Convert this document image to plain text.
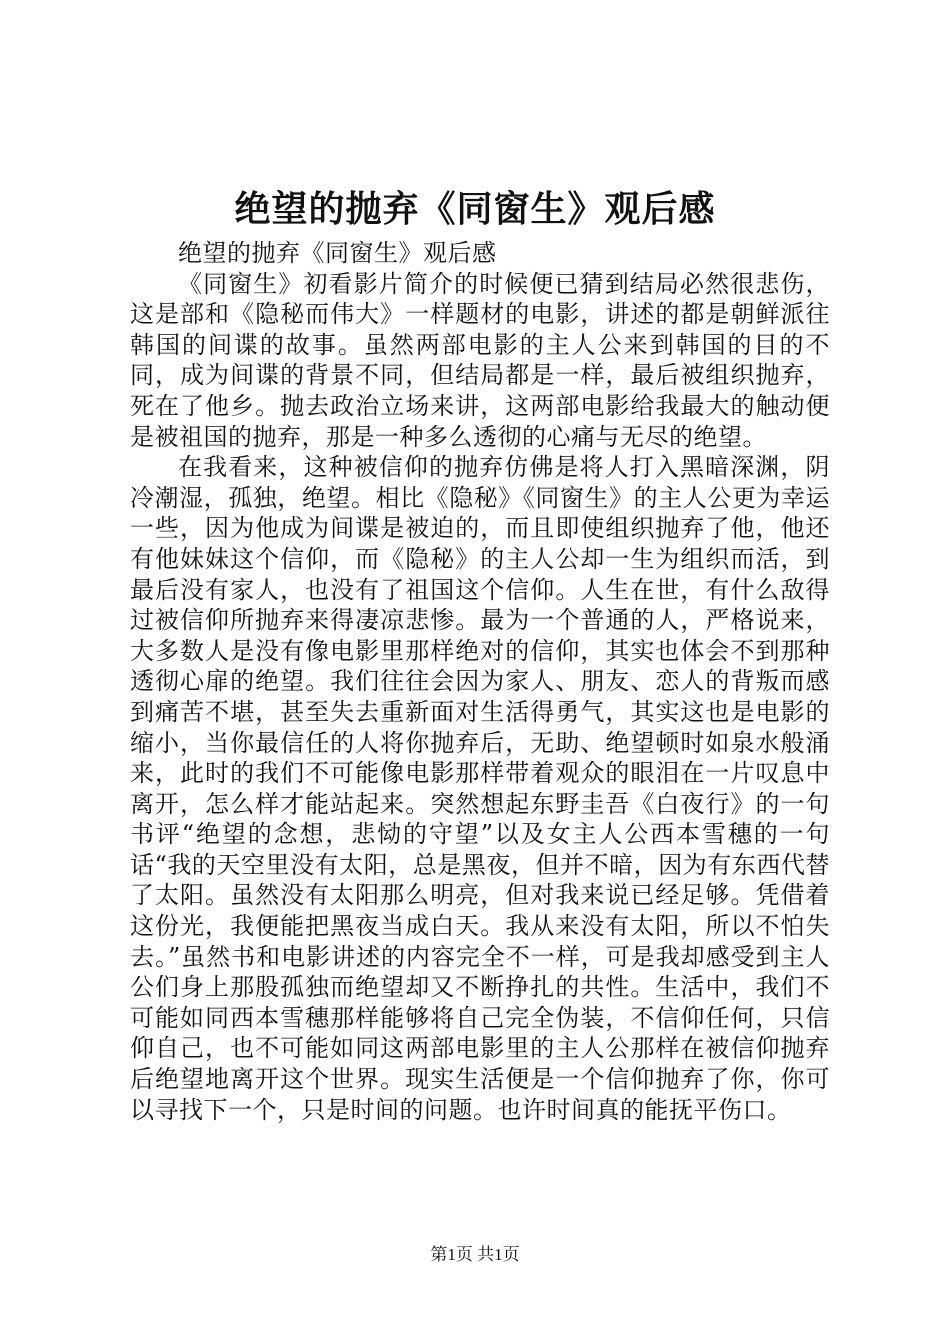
绝望的抛弃《同窗生》观后感

绝望的抛弃《同窗生》观后感

《同窗生》初看影片简介的时候便已猜到结局必然很悲伤，这是部和《隐秘而伟大》一样题材的电影，讲述的都是朝鲜派往韩国的间谍的故事。虽然两部电影的主人公来到韩国的目的不同，成为间谍的背景不同，但结局都是一样，最后被组织抛弃，死在了他乡。抛去政治立场来讲，这两部电影给我最大的触动便是被祖国的抛弃，那是一种多么透彻的心痛与无尽的绝望。

在我看来，这种被信仰的抛弃仿佛是将人打入黑暗深渊，阴冷潮湿，孤独，绝望。相比《隐秘》《同窗生》的主人公更为幸运一些，因为他成为间谍是被迫的，而且即使组织抛弃了他，他还有他妹妹这个信仰，而《隐秘》的主人公却一生为组织而活，到最后没有家人，也没有了祖国这个信仰。人生在世，有什么敌得过被信仰所抛弃来得凄凉悲惨。最为一个普通的人，严格说来，大多数人是没有像电影里那样绝对的信仰，其实也体会不到那种透彻心扉的绝望。我们往往会因为家人、朋友、恋人的背叛而感到痛苦不堪，甚至失去重新面对生活得勇气，其实这也是电影的缩小，当你最信任的人将你抛弃后，无助、绝望顿时如泉水般涌来，此时的我们不可能像电影那样带着观众的眼泪在一片叹息中离开，怎么样才能站起来。突然想起东野圭吾《白夜行》的一句书评“绝望的念想，悲恸的守望”以及女主人公西本雪穗的一句话“我的天空里没有太阳，总是黑夜，但并不暗，因为有东西代替了太阳。虽然没有太阳那么明亮，但对我来说已经足够。凭借着这份光，我便能把黑夜当成白天。我从来没有太阳，所以不怕失去。”虽然书和电影讲述的内容完全不一样，可是我却感受到主人公们身上那股孤独而绝望却又不断挣扎的共性。生活中，我们不可能如同西本雪穗那样能够将自己完全伪装，不信仰任何，只信仰自己，也不可能如同这两部电影里的主人公那样在被信仰抛弃后绝望地离开这个世界。现实生活便是一个信仰抛弃了你，你可以寻找下一个，只是时间的问题。也许时间真的能抚平伤口。

第1页 共1页
